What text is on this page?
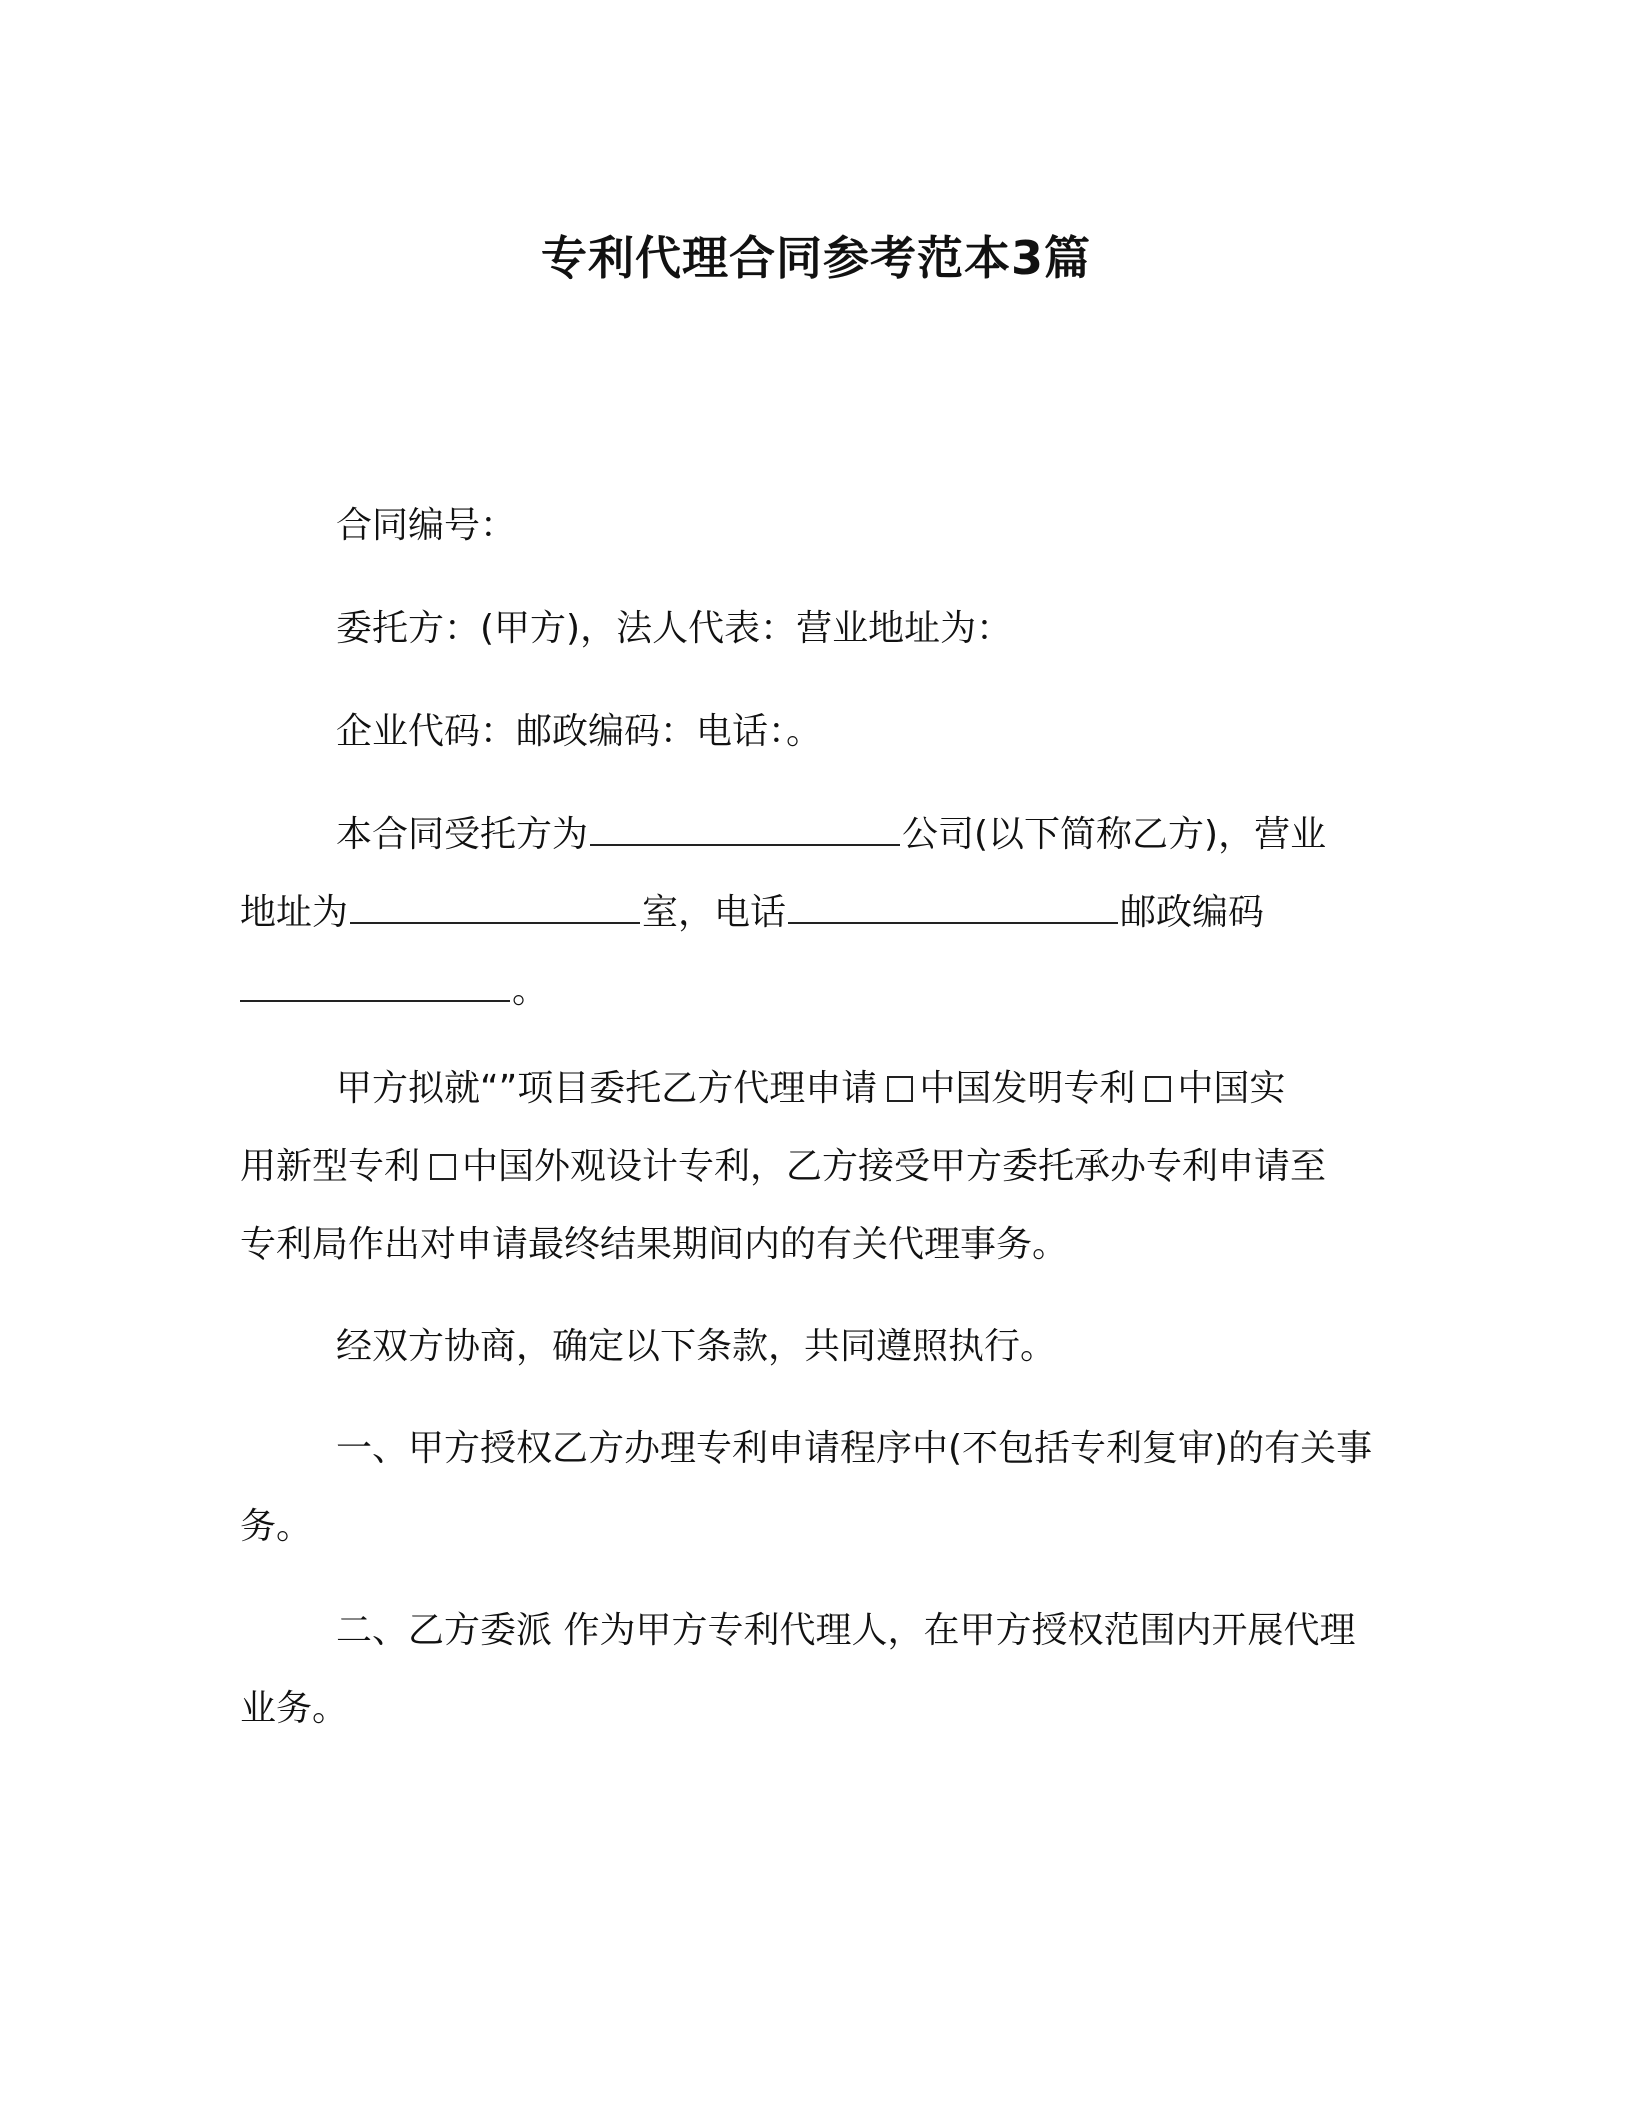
专利代理合同参考范本3篇

合同编号：

委托方：(甲方)，法人代表：营业地址为：

企业代码：邮政编码：电话：。

本合同受托方为	公司(以下简称乙方)，营业
地址为	室，电话	邮政编码
。
甲方拟就“”项目委托乙方代理申请 中国发明专利 中国实
用新型专利 中国外观设计专利，乙方接受甲方委托承办专利申请至
专利局作出对申请最终结果期间内的有关代理事务。

经双方协商，确定以下条款，共同遵照执行。

一、甲方授权乙方办理专利申请程序中(不包括专利复审)的有关事务。

二、乙方委派 作为甲方专利代理人，在甲方授权范围内开展代理业务。
